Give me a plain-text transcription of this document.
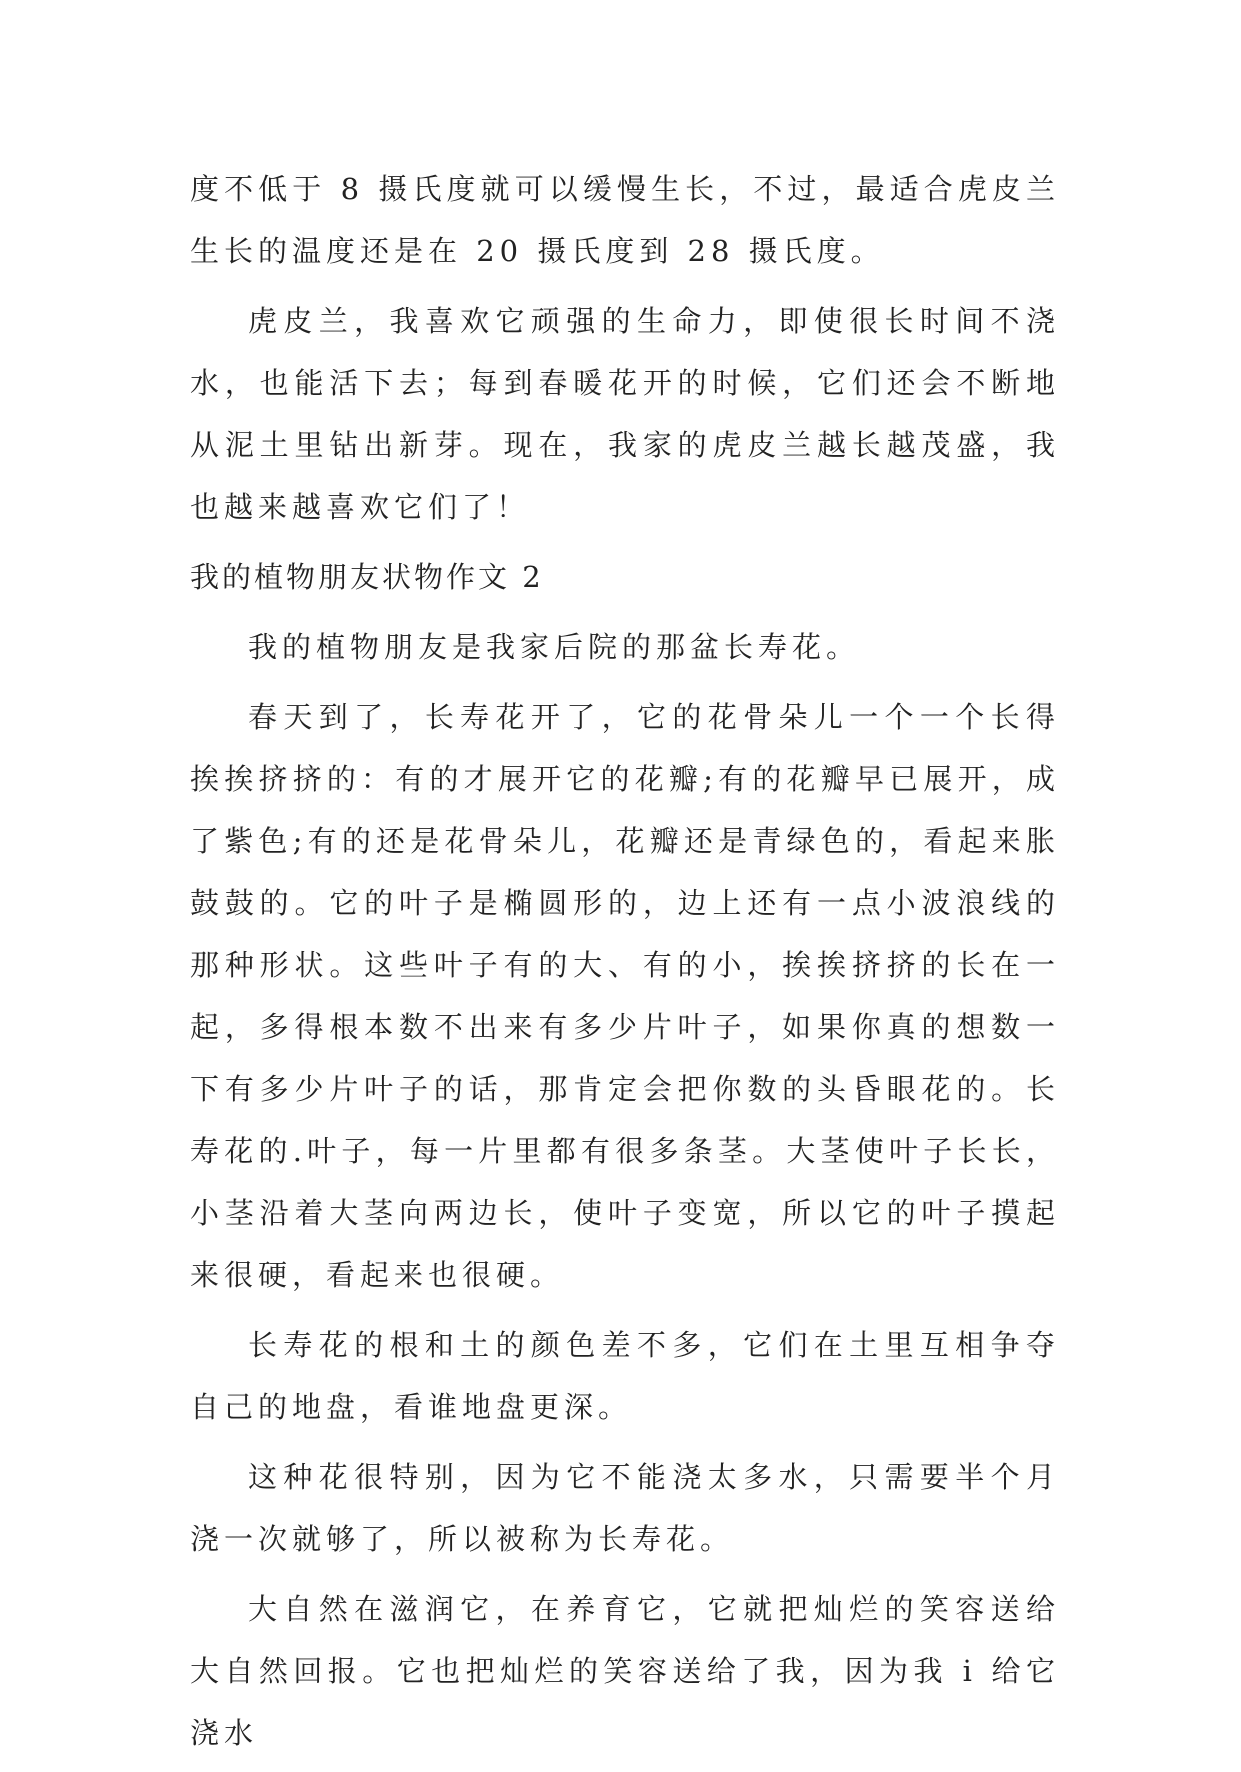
度不低于 8 摄氏度就可以缓慢生长，不过，最适合虎皮兰生长的温度还是在 20 摄氏度到 28 摄氏度。

虎皮兰，我喜欢它顽强的生命力，即使很长时间不浇水，也能活下去；每到春暖花开的时候，它们还会不断地从泥土里钻出新芽。现在，我家的虎皮兰越长越茂盛，我也越来越喜欢它们了！

我的植物朋友状物作文 2

我的植物朋友是我家后院的那盆长寿花。

春天到了，长寿花开了，它的花骨朵儿一个一个长得挨挨挤挤的：有的才展开它的花瓣;有的花瓣早已展开，成了紫色;有的还是花骨朵儿，花瓣还是青绿色的，看起来胀鼓鼓的。它的叶子是椭圆形的，边上还有一点小波浪线的那种形状。这些叶子有的大、有的小，挨挨挤挤的长在一起，多得根本数不出来有多少片叶子，如果你真的想数一下有多少片叶子的话，那肯定会把你数的头昏眼花的。长寿花的.叶子，每一片里都有很多条茎。大茎使叶子长长，小茎沿着大茎向两边长，使叶子变宽，所以它的叶子摸起来很硬，看起来也很硬。

长寿花的根和土的颜色差不多，它们在土里互相争夺自己的地盘，看谁地盘更深。

这种花很特别，因为它不能浇太多水，只需要半个月浇一次就够了，所以被称为长寿花。

大自然在滋润它，在养育它，它就把灿烂的笑容送给大自然回报。它也把灿烂的笑容送给了我，因为我 i 给它浇水
